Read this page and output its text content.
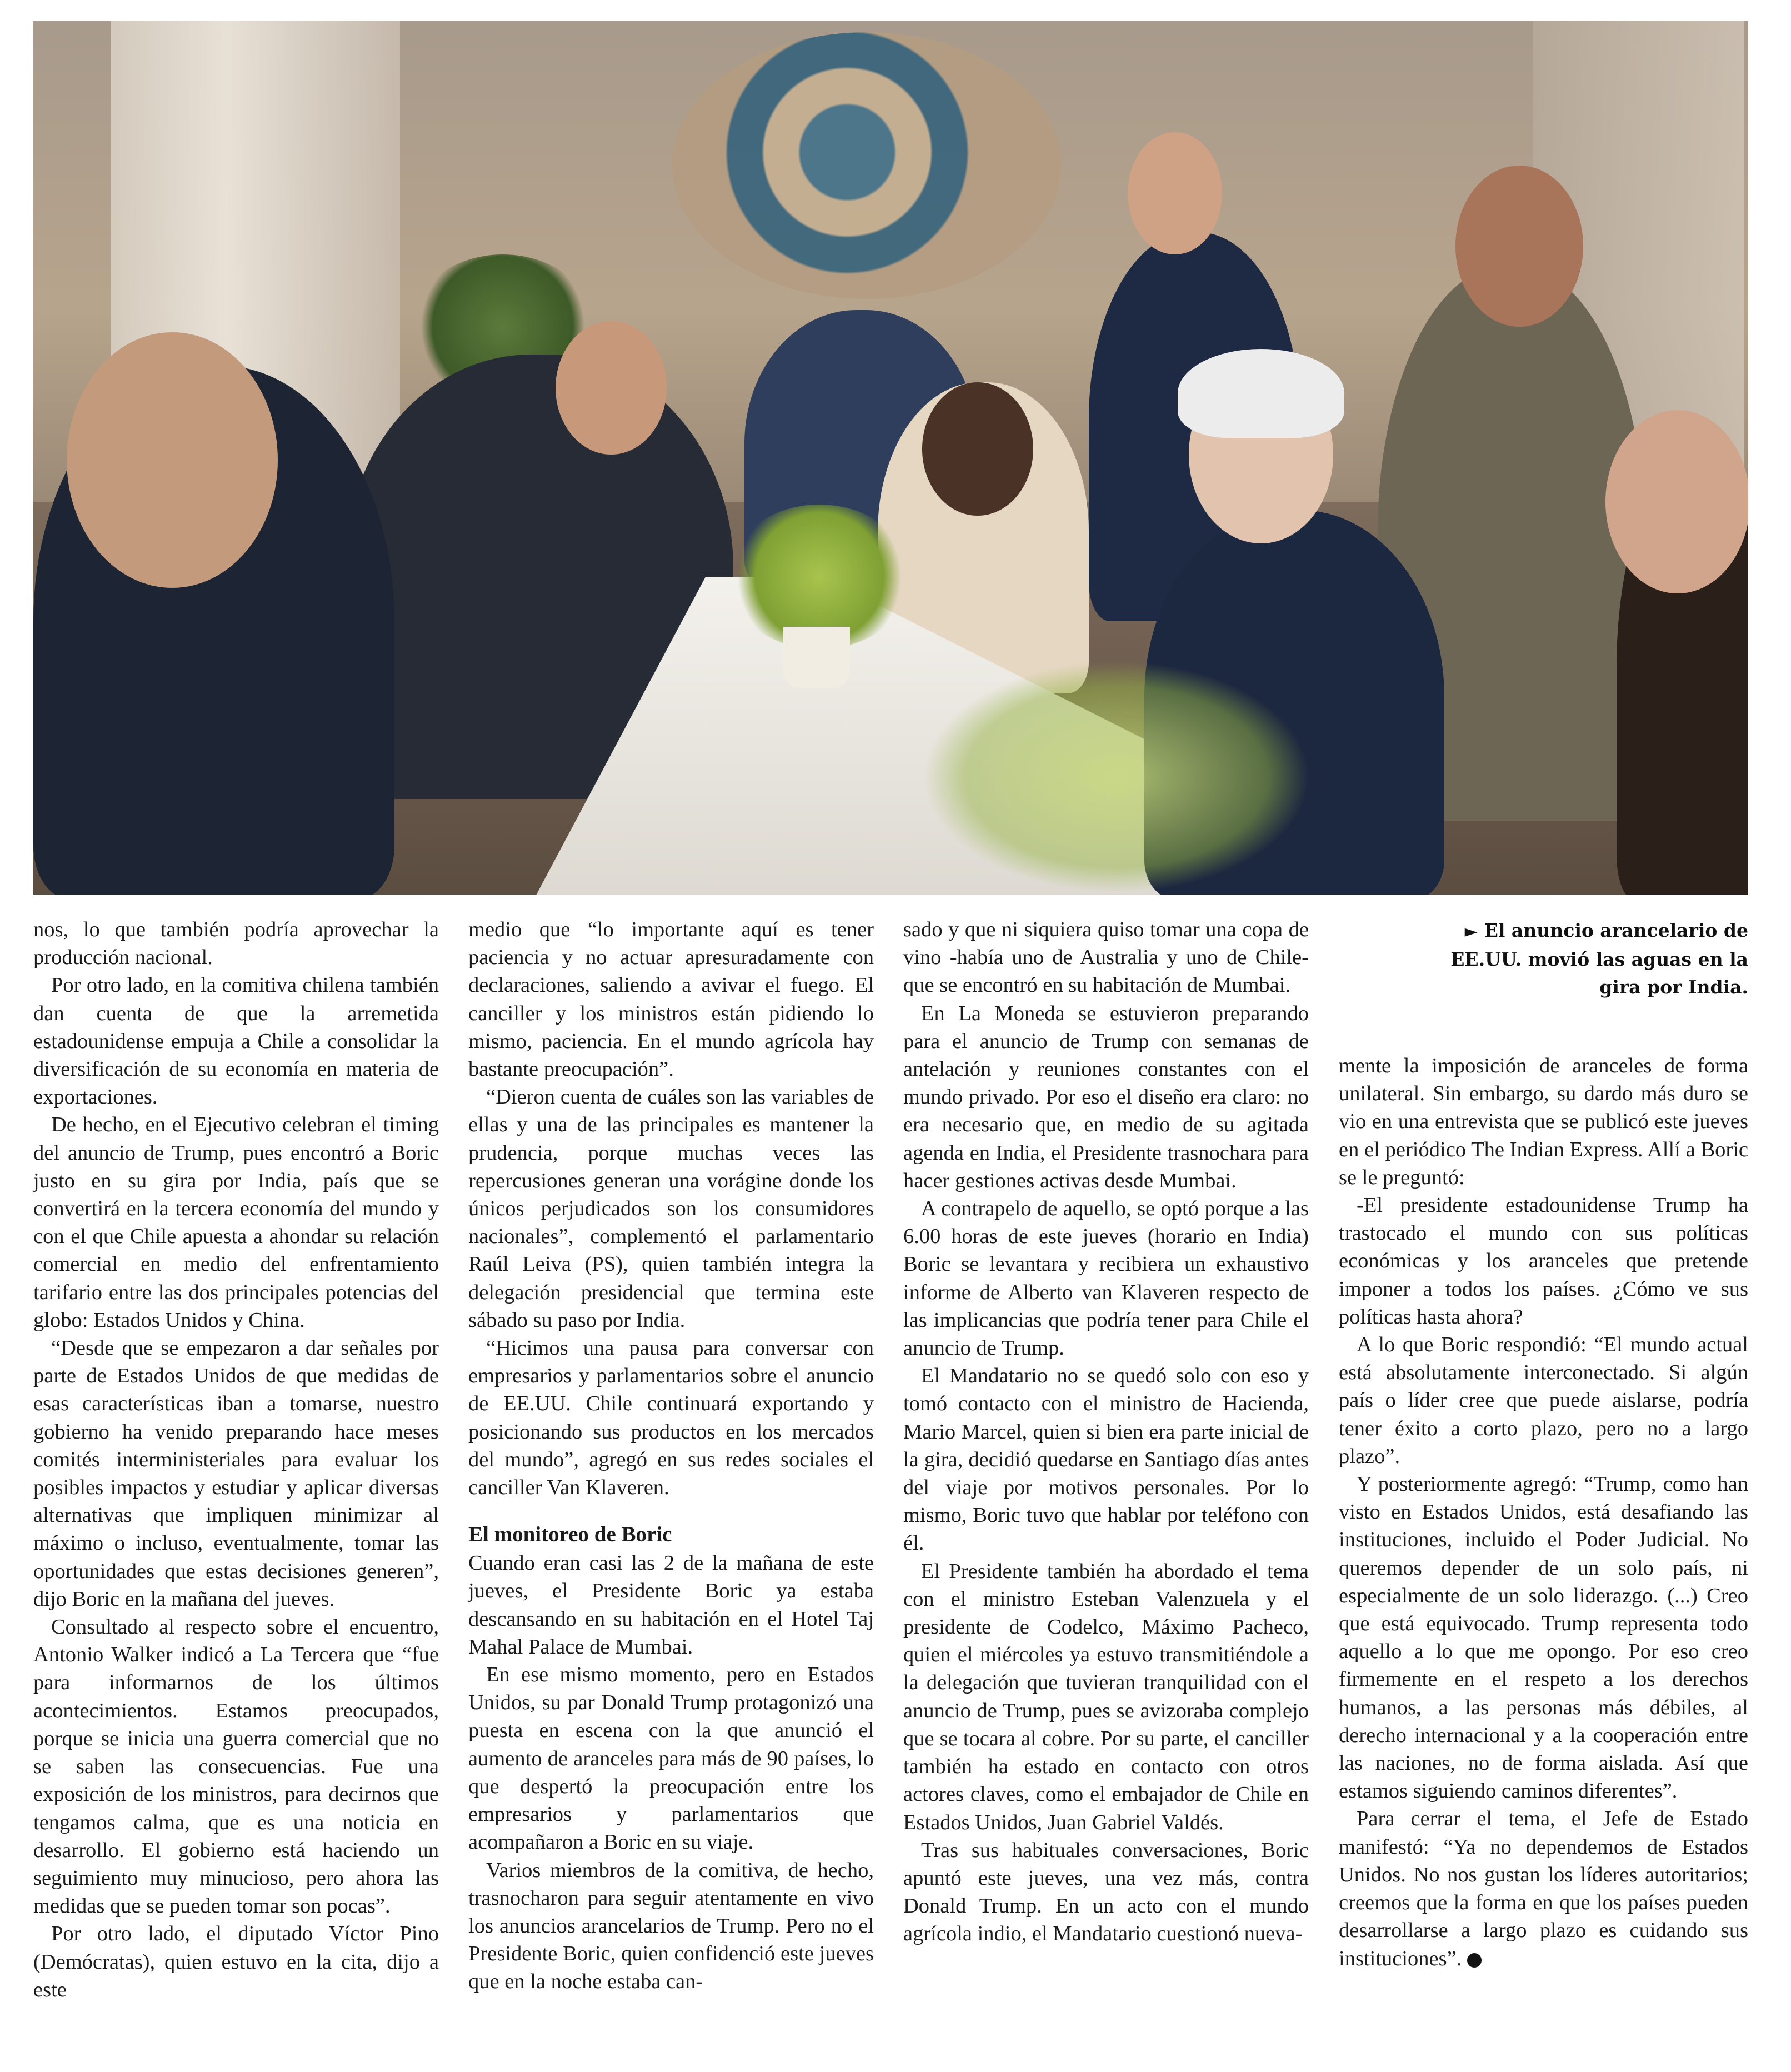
► El anuncio arancelario de EE.UU. movió las aguas en la gira por India.

nos, lo que también podría aprovechar la producción nacional.

Por otro lado, en la comitiva chilena también dan cuenta de que la arremetida estadounidense empuja a Chile a consolidar la diversificación de su economía en materia de exportaciones.

De hecho, en el Ejecutivo celebran el timing del anuncio de Trump, pues encontró a Boric justo en su gira por India, país que se convertirá en la tercera economía del mundo y con el que Chile apuesta a ahondar su relación comercial en medio del enfrentamiento tarifario entre las dos principales potencias del globo: Estados Unidos y China.

“Desde que se empezaron a dar señales por parte de Estados Unidos de que medidas de esas características iban a tomarse, nuestro gobierno ha venido preparando hace meses comités interministeriales para evaluar los posibles impactos y estudiar y aplicar diversas alternativas que impliquen minimizar al máximo o incluso, eventualmente, tomar las oportunidades que estas decisiones generen”, dijo Boric en la mañana del jueves.

Consultado al respecto sobre el encuentro, Antonio Walker indicó a La Tercera que “fue para informarnos de los últimos acontecimientos. Estamos preocupados, porque se inicia una guerra comercial que no se saben las consecuencias. Fue una exposición de los ministros, para decirnos que tengamos calma, que es una noticia en desarrollo. El gobierno está haciendo un seguimiento muy minucioso, pero ahora las medidas que se pueden tomar son pocas”.

Por otro lado, el diputado Víctor Pino (Demócratas), quien estuvo en la cita, dijo a este

medio que “lo importante aquí es tener paciencia y no actuar apresuradamente con declaraciones, saliendo a avivar el fuego. El canciller y los ministros están pidiendo lo mismo, paciencia. En el mundo agrícola hay bastante preocupación”.

“Dieron cuenta de cuáles son las variables de ellas y una de las principales es mantener la prudencia, porque muchas veces las repercusiones generan una vorágine donde los únicos perjudicados son los consumidores nacionales”, complementó el parlamentario Raúl Leiva (PS), quien también integra la delegación presidencial que termina este sábado su paso por India.

“Hicimos una pausa para conversar con empresarios y parlamentarios sobre el anuncio de EE.UU. Chile continuará exportando y posicionando sus productos en los mercados del mundo”, agregó en sus redes sociales el canciller Van Klaveren.

El monitoreo de Boric

Cuando eran casi las 2 de la mañana de este jueves, el Presidente Boric ya estaba descansando en su habitación en el Hotel Taj Mahal Palace de Mumbai.

En ese mismo momento, pero en Estados Unidos, su par Donald Trump protagonizó una puesta en escena con la que anunció el aumento de aranceles para más de 90 países, lo que despertó la preocupación entre los empresarios y parlamentarios que acompañaron a Boric en su viaje.

Varios miembros de la comitiva, de hecho, trasnocharon para seguir atentamente en vivo los anuncios arancelarios de Trump. Pero no el Presidente Boric, quien confidenció este jueves que en la noche estaba can-

sado y que ni siquiera quiso tomar una copa de vino -había uno de Australia y uno de Chile- que se encontró en su habitación de Mumbai.

En La Moneda se estuvieron preparando para el anuncio de Trump con semanas de antelación y reuniones constantes con el mundo privado. Por eso el diseño era claro: no era necesario que, en medio de su agitada agenda en India, el Presidente trasnochara para hacer gestiones activas desde Mumbai.

A contrapelo de aquello, se optó porque a las 6.00 horas de este jueves (horario en India) Boric se levantara y recibiera un exhaustivo informe de Alberto van Klaveren respecto de las implicancias que podría tener para Chile el anuncio de Trump.

El Mandatario no se quedó solo con eso y tomó contacto con el ministro de Hacienda, Mario Marcel, quien si bien era parte inicial de la gira, decidió quedarse en Santiago días antes del viaje por motivos personales. Por lo mismo, Boric tuvo que hablar por teléfono con él.

El Presidente también ha abordado el tema con el ministro Esteban Valenzuela y el presidente de Codelco, Máximo Pacheco, quien el miércoles ya estuvo transmitiéndole a la delegación que tuvieran tranquilidad con el anuncio de Trump, pues se avizoraba complejo que se tocara al cobre. Por su parte, el canciller también ha estado en contacto con otros actores claves, como el embajador de Chile en Estados Unidos, Juan Gabriel Valdés.

Tras sus habituales conversaciones, Boric apuntó este jueves, una vez más, contra Donald Trump. En un acto con el mundo agrícola indio, el Mandatario cuestionó nueva-

mente la imposición de aranceles de forma unilateral. Sin embargo, su dardo más duro se vio en una entrevista que se publicó este jueves en el periódico The Indian Express. Allí a Boric se le preguntó:

-El presidente estadounidense Trump ha trastocado el mundo con sus políticas económicas y los aranceles que pretende imponer a todos los países. ¿Cómo ve sus políticas hasta ahora?

A lo que Boric respondió: “El mundo actual está absolutamente interconectado. Si algún país o líder cree que puede aislarse, podría tener éxito a corto plazo, pero no a largo plazo”.

Y posteriormente agregó: “Trump, como han visto en Estados Unidos, está desafiando las instituciones, incluido el Poder Judicial. No queremos depender de un solo país, ni especialmente de un solo liderazgo. (...) Creo que está equivocado. Trump representa todo aquello a lo que me opongo. Por eso creo firmemente en el respeto a los derechos humanos, a las personas más débiles, al derecho internacional y a la cooperación entre las naciones, no de forma aislada. Así que estamos siguiendo caminos diferentes”.

Para cerrar el tema, el Jefe de Estado manifestó: “Ya no dependemos de Estados Unidos. No nos gustan los líderes autoritarios; creemos que la forma en que los países pueden desarrollarse a largo plazo es cuidando sus instituciones”.
